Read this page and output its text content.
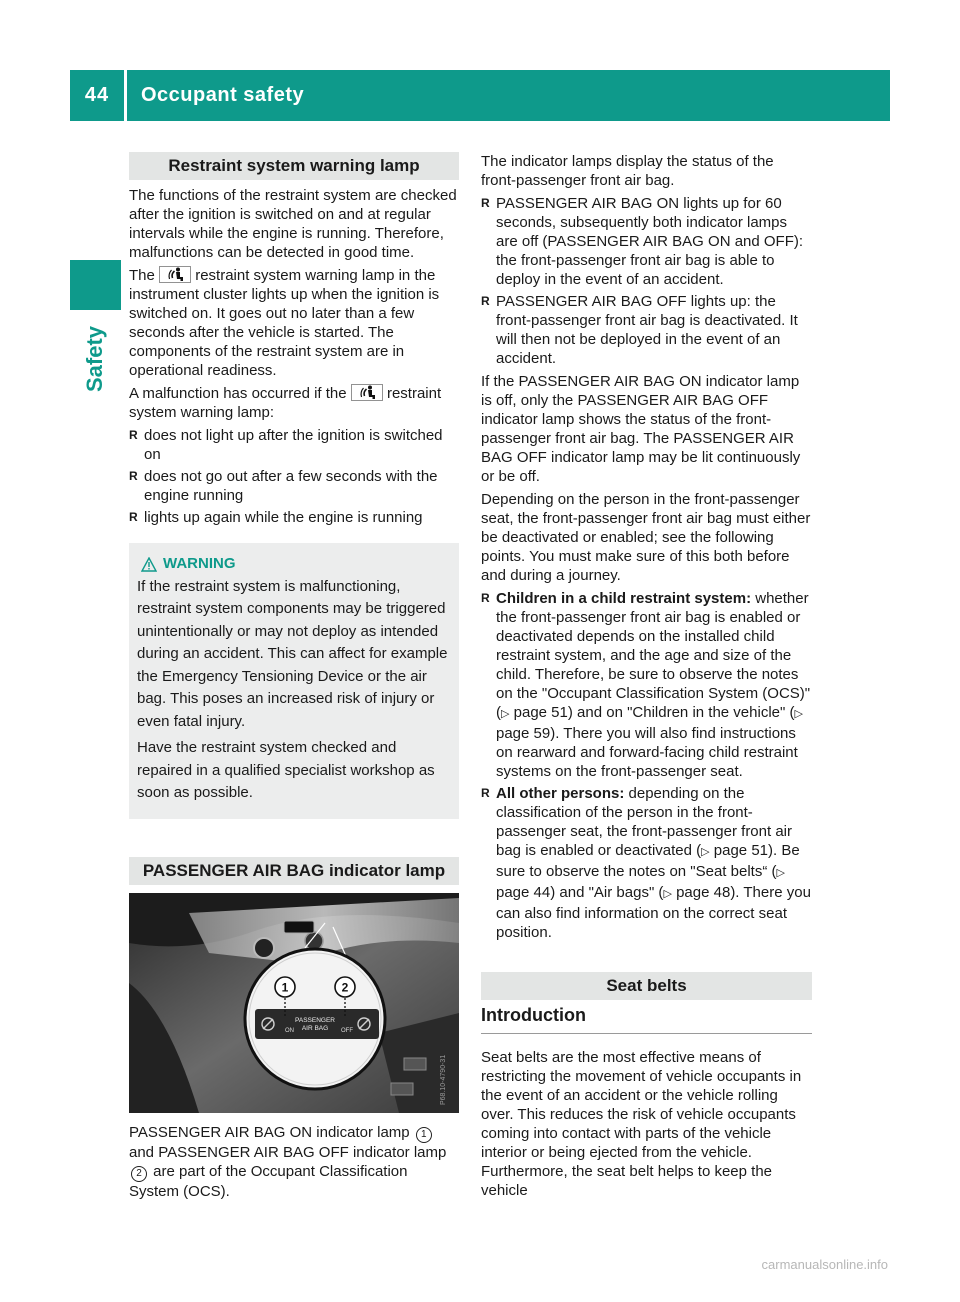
44	Occupant safety
Safety
Restraint system warning lamp

The functions of the restraint system are checked after the ignition is switched on and at regular intervals while the engine is running. Therefore, malfunctions can be detected in good time.

The	restraint system warning lamp in the instrument cluster lights up when the ignition is switched on. It goes out no later than a few seconds after the vehicle is started. The components of the restraint system are in operational readiness.

A malfunction has occurred if the	restraint system warning lamp:

R does not light up after the ignition is switched on
R does not go out after a few seconds with the engine running
R lights up again while the engine is running
WARNING

If the restraint system is malfunctioning, restraint system components may be triggered unintentionally or may not deploy as intended during an accident. This can affect for example the Emergency Tensioning Device or the air bag. This poses an increased risk of injury or even fatal injury.

Have the restraint system checked and repaired in a qualified specialist workshop as soon as possible.

PASSENGER AIR BAG indicator lamp
ON
PASSENGER
AIR BAG OFF
1	2
P68.10-4790-31

PASSENGER AIR BAG ON indicator lamp 1 and PASSENGER AIR BAG OFF indicator lamp 2 are part of the Occupant Classification System (OCS).

The indicator lamps display the status of the front-passenger front air bag.

R PASSENGER AIR BAG ON lights up for 60 seconds, subsequently both indicator lamps are off (PASSENGER AIR BAG ON and OFF): the front-passenger front air bag is able to deploy in the event of an accident.
R PASSENGER AIR BAG OFF lights up: the front-passenger front air bag is deactivated. It will then not be deployed in the event of an accident.

If the PASSENGER AIR BAG ON indicator lamp is off, only the PASSENGER AIR BAG OFF indicator lamp shows the status of the front-passenger front air bag. The PASSENGER AIR BAG OFF indicator lamp may be lit continuously or be off.

Depending on the person in the front-passenger seat, the front-passenger front air bag must either be deactivated or enabled; see the following points. You must make sure of this both before and during a journey.

R Children in a child restraint system: whether the front-passenger front air bag is enabled or deactivated depends on the installed child restraint system, and the age and size of the child. Therefore, be sure to observe the notes on the "Occupant Classification System (OCS)" (▷ page 51) and on "Children in the vehicle" (▷ page 59). There you will also find instructions on rearward and forward-facing child restraint systems on the front-passenger seat.
R All other persons: depending on the classification of the person in the front-passenger seat, the front-passenger front air bag is enabled or deactivated (▷ page 51). Be sure to observe the notes on "Seat belts“ (▷ page 44) and "Air bags" (▷ page 48). There you can also find information on the correct seat position.
Seat belts
Introduction

Seat belts are the most effective means of restricting the movement of vehicle occupants in the event of an accident or the vehicle rolling over. This reduces the risk of vehicle occupants coming into contact with parts of the vehicle interior or being ejected from the vehicle. Furthermore, the seat belt helps to keep the vehicle

carmanualsonline.info
